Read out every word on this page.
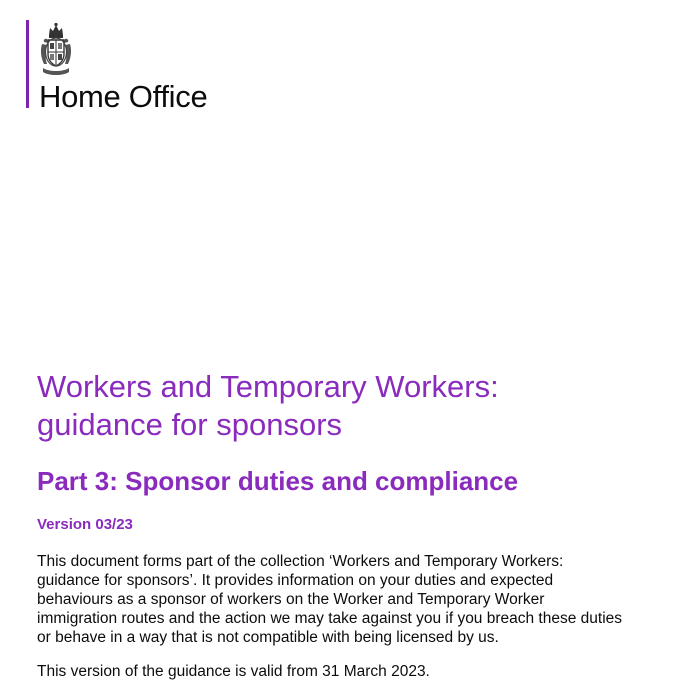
Home Office
Workers and Temporary Workers:
guidance for sponsors
Part 3: Sponsor duties and compliance
Version 03/23

This document forms part of the collection ‘Workers and Temporary Workers:
guidance for sponsors’. It provides information on your duties and expected
behaviours as a sponsor of workers on the Worker and Temporary Worker
immigration routes and the action we may take against you if you breach these duties
or behave in a way that is not compatible with being licensed by us.

This version of the guidance is valid from 31 March 2023.
